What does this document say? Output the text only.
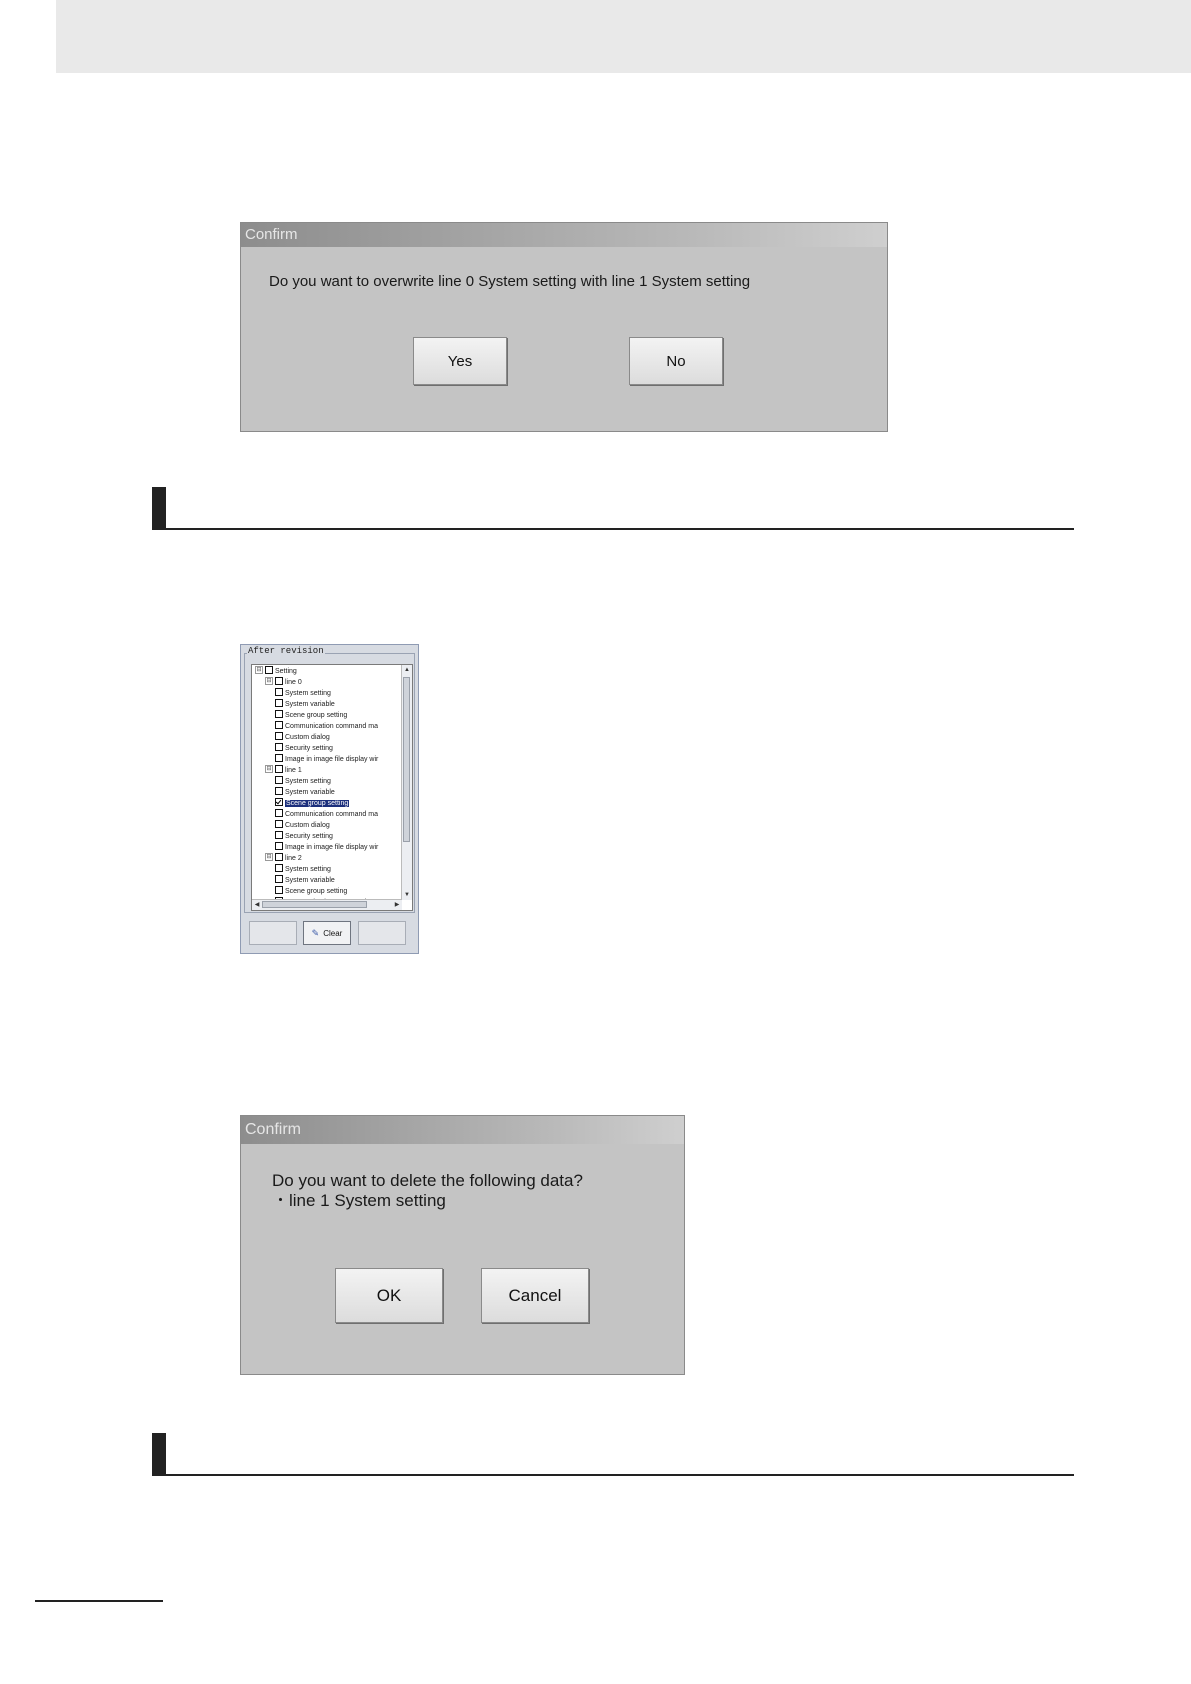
Confirm
Do you want to overwrite line 0 System setting with line 1 System setting
Yes	No
After revision
⊟ Setting
⊟ line 0
System setting
System variable
Scene group setting
Communication command ma
Custom dialog
Security setting
Image in image file display wir
⊟ line 1
System setting
System variable
Scene group setting
Communication command ma
Custom dialog
Security setting
Image in image file display wir
⊟ line 2
System setting
System variable
Scene group setting
▲
▼
◀	▶
✎ Clear
Confirm
Do you want to delete the following data?
・line 1 System setting
OK	Cancel
